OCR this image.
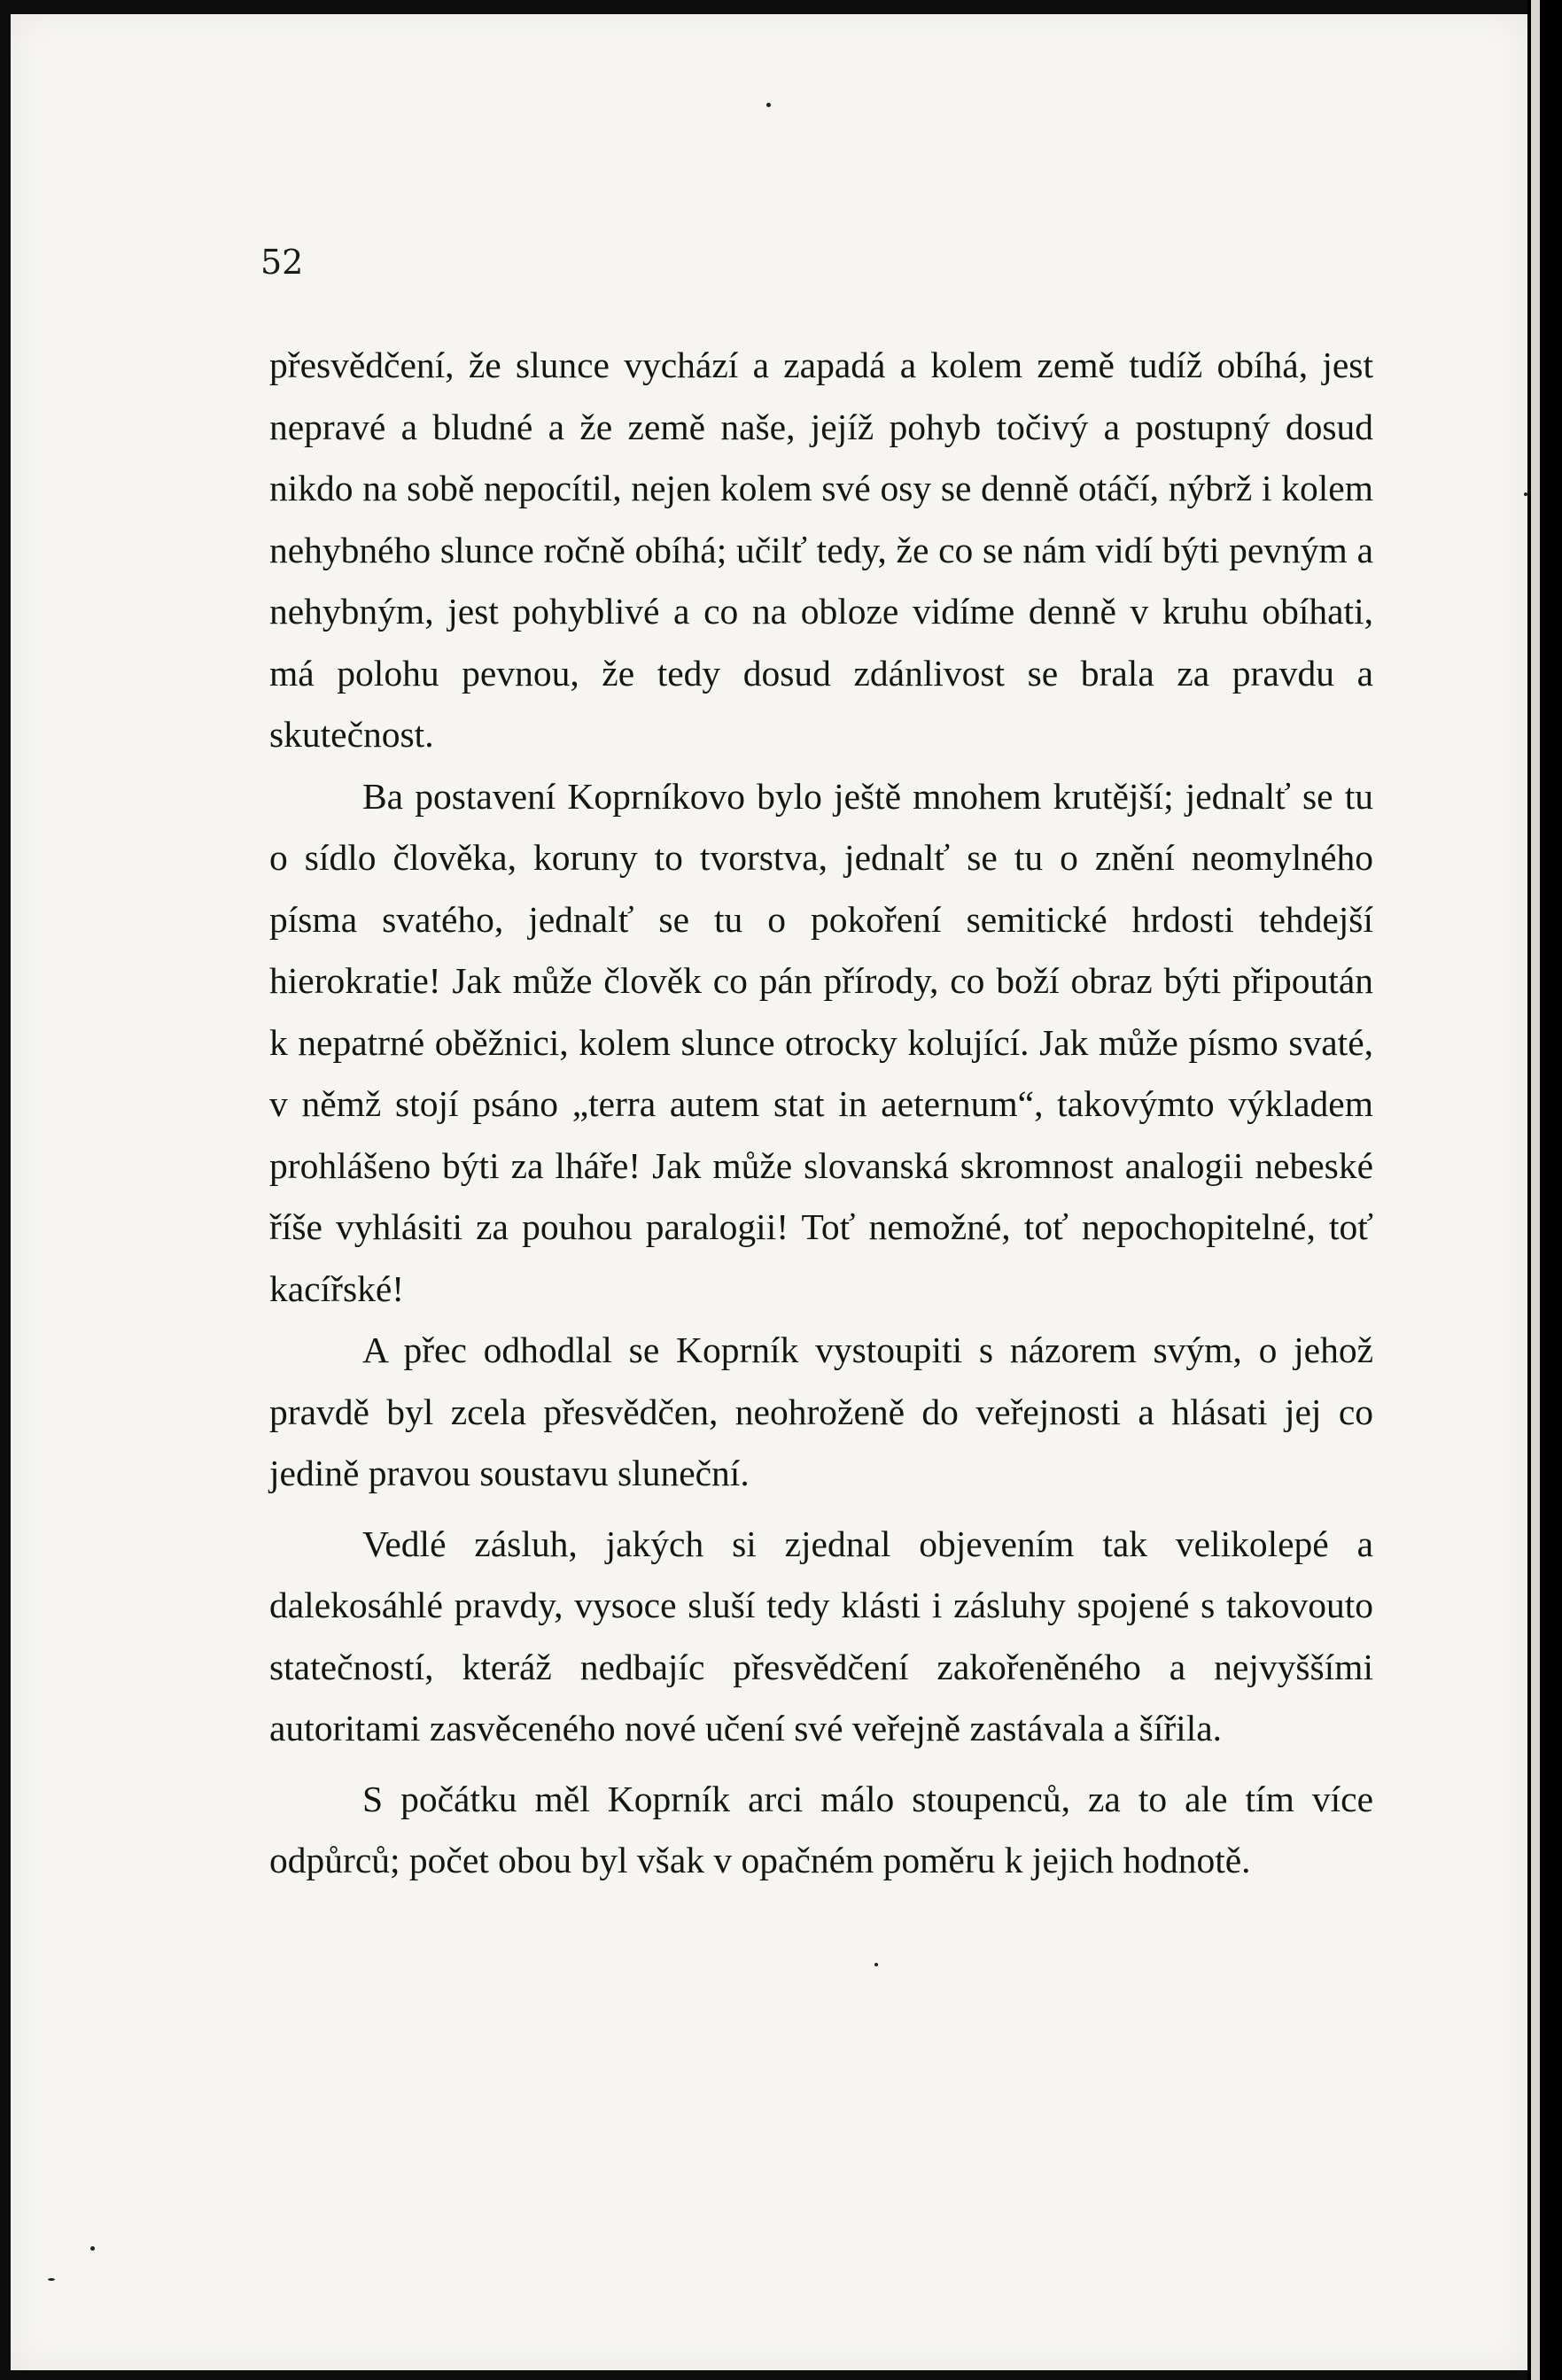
52

přesvědčení, že slunce vychází a zapadá a kolem země tudíž obíhá, jest nepravé a bludné a že země naše, jejíž pohyb točivý a postupný dosud nikdo na sobě nepocítil, nejen kolem své osy se denně otáčí, nýbrž i kolem nehybného slunce ročně obíhá; učilť tedy, že co se nám vidí býti pevným a nehybným, jest pohyblivé a co na obloze vidíme denně v kruhu obíhati, má polohu pevnou, že tedy dosud zdánlivost se brala za pravdu a skutečnost.

Ba postavení Koprníkovo bylo ještě mnohem krutější; jednalť se tu o sídlo člověka, koruny to tvorstva, jednalť se tu o znění neomylného písma svatého, jednalť se tu o pokoření semitické hrdosti tehdejší hierokratie! Jak může člověk co pán přírody, co boží obraz býti připoután k nepatrné oběžnici, kolem slunce otrocky kolující. Jak může písmo svaté, v němž stojí psáno „terra autem stat in aeternum“, takovýmto výkladem prohlášeno býti za lháře! Jak může slovanská skromnost analogii nebeské říše vyhlásiti za pouhou paralogii! Toť nemožné, toť nepochopitelné, toť kacířské!

A přec odhodlal se Koprník vystoupiti s názorem svým, o jehož pravdě byl zcela přesvědčen, neohroženě do veřejnosti a hlásati jej co jedině pravou soustavu sluneční.

Vedlé zásluh, jakých si zjednal objevením tak velikolepé a dalekosáhlé pravdy, vysoce sluší tedy klásti i zásluhy spojené s takovouto statečností, kteráž nedbajíc přesvědčení zakořeněného a nejvyššími autoritami zasvěceného nové učení své veřejně zastávala a šířila.

S počátku měl Koprník arci málo stoupenců, za to ale tím více odpůrců; počet obou byl však v opačném poměru k jejich hodnotě.
